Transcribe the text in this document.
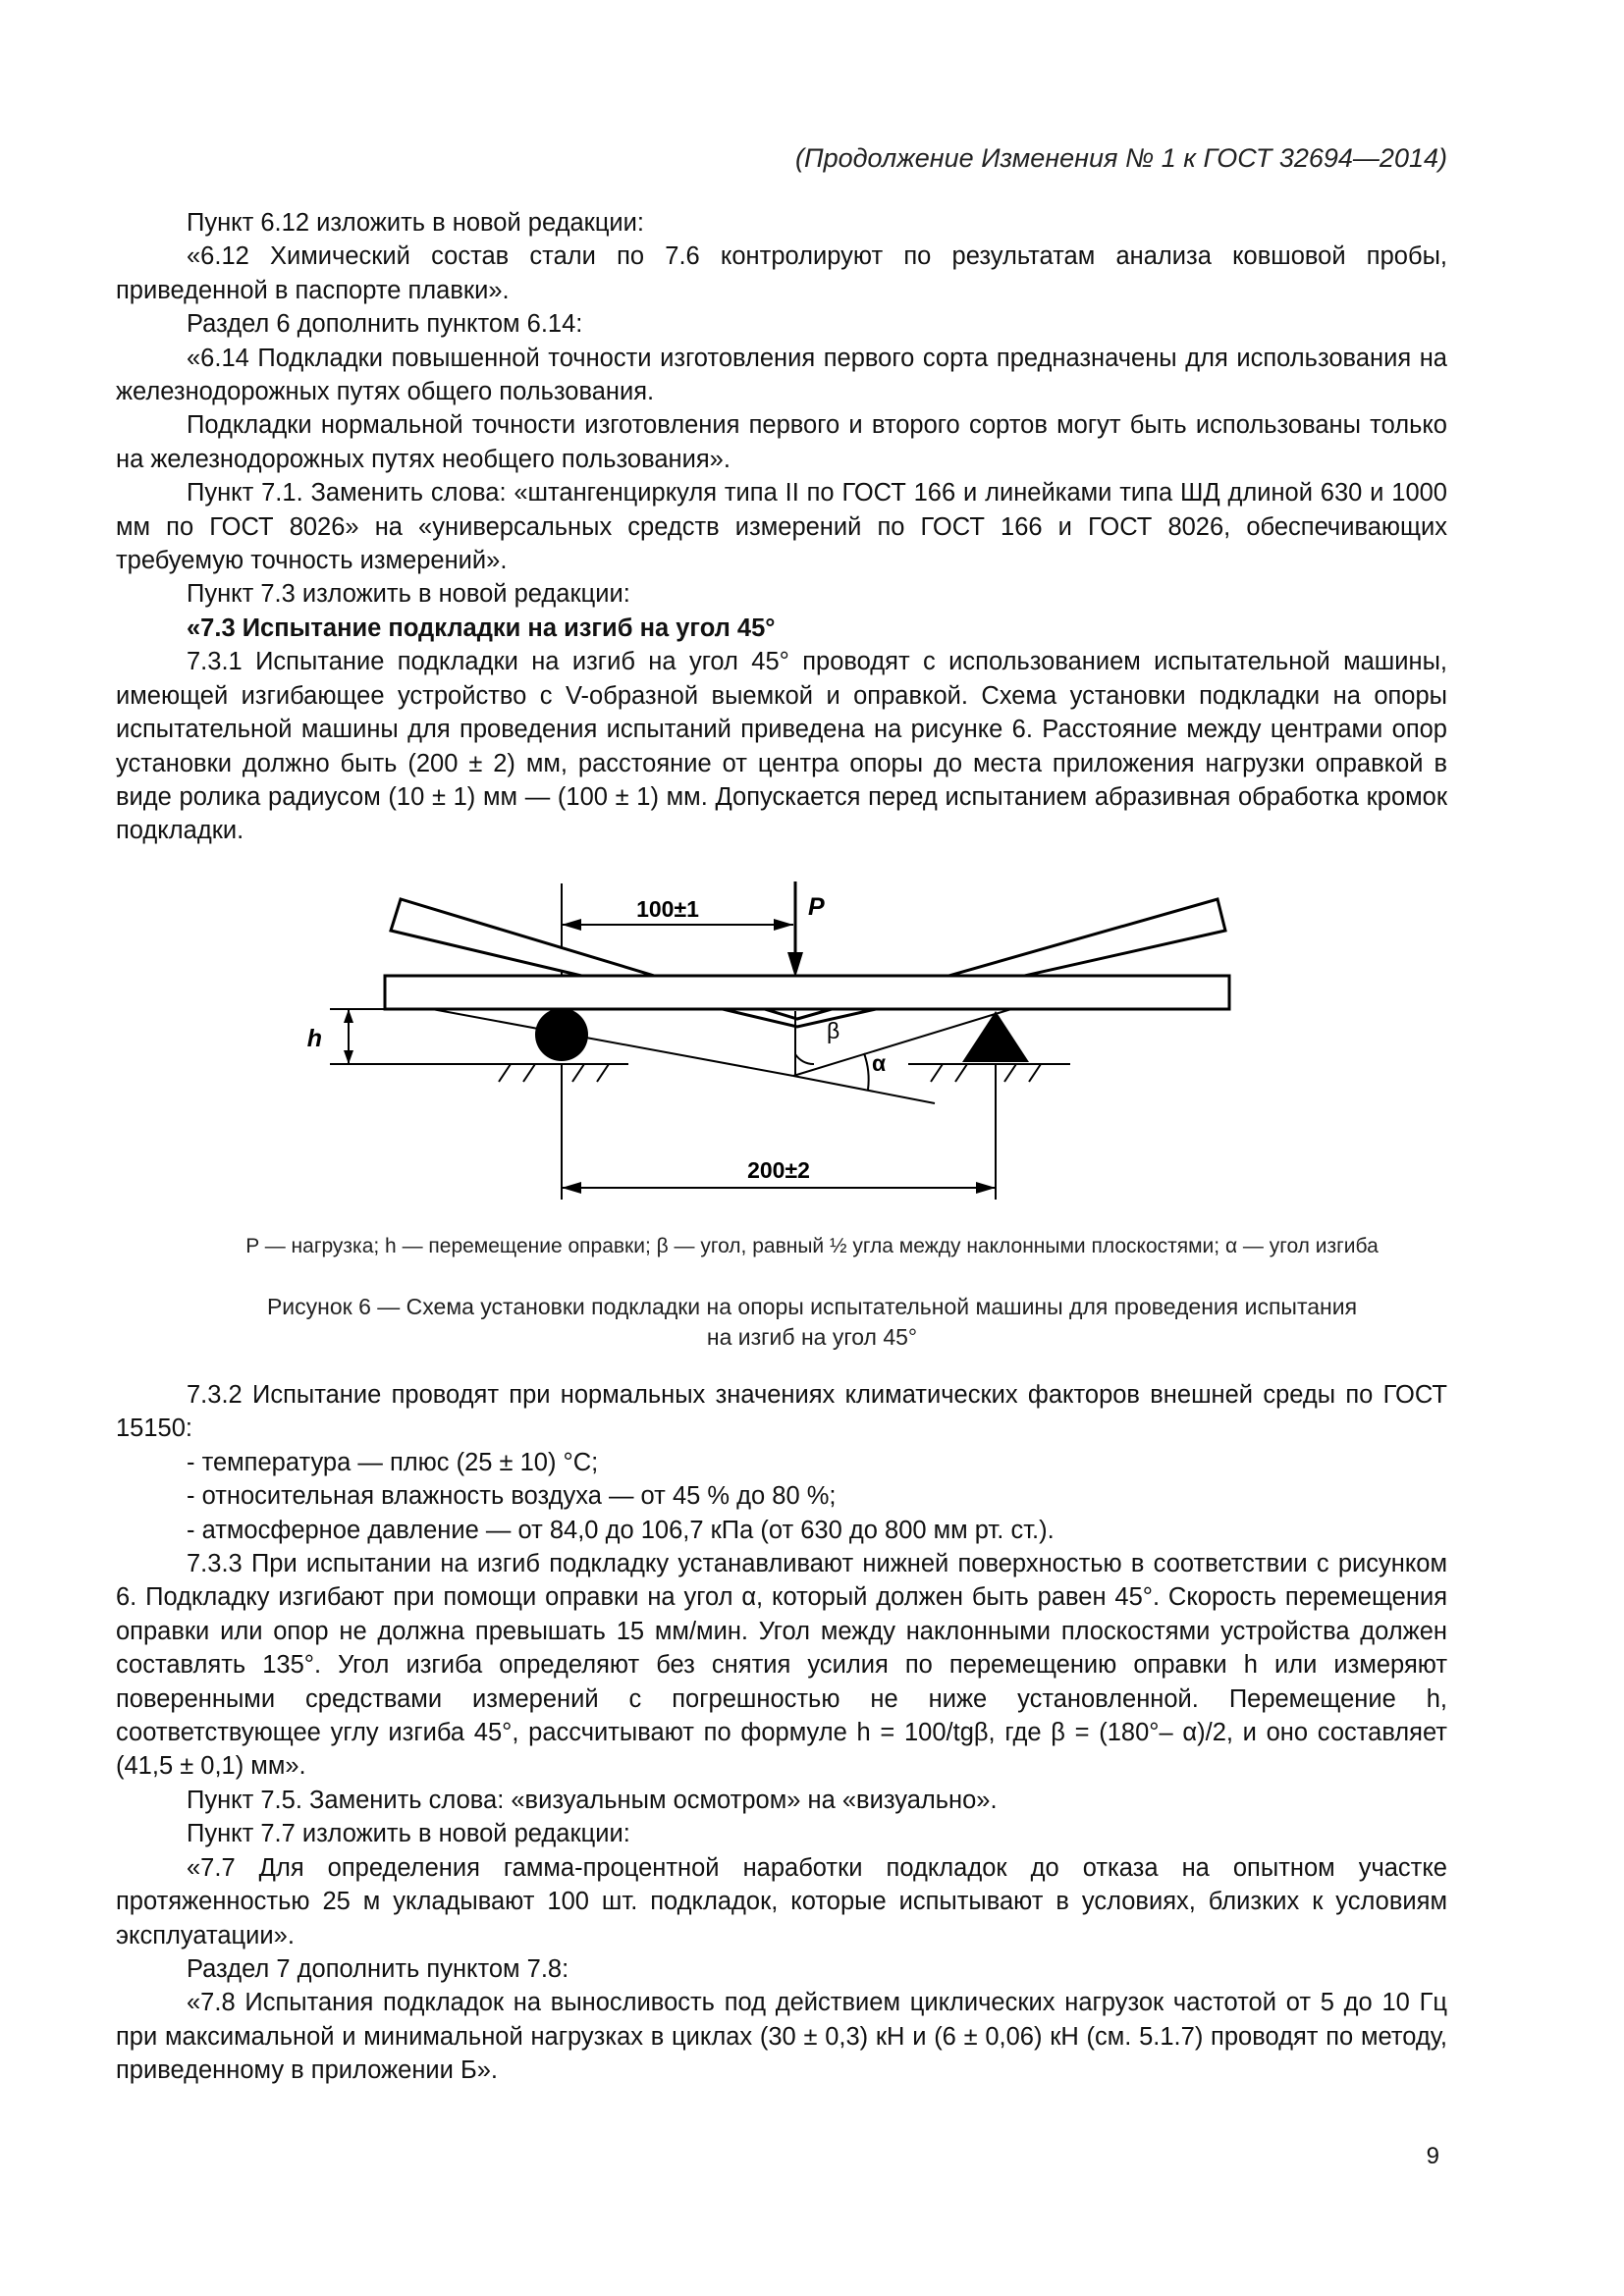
(Продолжение Изменения № 1 к ГОСТ 32694—2014)

Пункт 6.12 изложить в новой редакции:

«6.12 Химический состав стали по 7.6 контролируют по результатам анализа ковшовой пробы, приведенной в паспорте плавки».

Раздел 6 дополнить пунктом 6.14:

«6.14 Подкладки повышенной точности изготовления первого сорта предназначены для использования на железнодорожных путях общего пользования.

Подкладки нормальной точности изготовления первого и второго сортов могут быть использованы только на железнодорожных путях необщего пользования».

Пункт 7.1. Заменить слова: «штангенциркуля типа II по ГОСТ 166 и линейками типа ШД длиной 630 и 1000 мм по ГОСТ 8026» на «универсальных средств измерений по ГОСТ 166 и ГОСТ 8026, обеспечивающих требуемую точность измерений».

Пункт 7.3 изложить в новой редакции:

«7.3 Испытание подкладки на изгиб на угол 45°

7.3.1 Испытание подкладки на изгиб на угол 45° проводят с использованием испытательной машины, имеющей изгибающее устройство с V-образной выемкой и оправкой. Схема установки подкладки на опоры испытательной машины для проведения испытаний приведена на рисунке 6. Расстояние между центрами опор установки должно быть (200 ± 2) мм, расстояние от центра опоры до места приложения нагрузки оправкой в виде ролика радиусом (10 ± 1) мм — (100 ± 1) мм. Допускается перед испытанием абразивная обработка кромок подкладки.

100±1	P
h	β
α
200±2
P — нагрузка; h — перемещение оправки; β — угол, равный ½ угла между наклонными плоскостями; α — угол изгиба
Рисунок 6 — Схема установки подкладки на опоры испытательной машины для проведения испытания
на изгиб на угол 45°

7.3.2 Испытание проводят при нормальных значениях климатических факторов внешней среды по ГОСТ 15150:

- температура — плюс (25 ± 10) °С;

- относительная влажность воздуха — от 45 % до 80 %;

- атмосферное давление — от 84,0 до 106,7 кПа (от 630 до 800 мм рт. ст.).

7.3.3 При испытании на изгиб подкладку устанавливают нижней поверхностью в соответствии с рисунком 6. Подкладку изгибают при помощи оправки на угол α, который должен быть равен 45°. Скорость перемещения оправки или опор не должна превышать 15 мм/мин. Угол между наклонными плоскостями устройства должен составлять 135°. Угол изгиба определяют без снятия усилия по перемещению оправки h или измеряют поверенными средствами измерений с погрешностью не ниже установленной. Перемещение h, соответствующее углу изгиба 45°, рассчитывают по формуле h = 100/tgβ, где β = (180°– α)/2, и оно составляет (41,5 ± 0,1) мм».

Пункт 7.5. Заменить слова: «визуальным осмотром» на «визуально».

Пункт 7.7 изложить в новой редакции:

«7.7 Для определения гамма-процентной наработки подкладок до отказа на опытном участке протяженностью 25 м укладывают 100 шт. подкладок, которые испытывают в условиях, близких к условиям эксплуатации».

Раздел 7 дополнить пунктом 7.8:

«7.8 Испытания подкладок на выносливость под действием циклических нагрузок частотой от 5 до 10 Гц при максимальной и минимальной нагрузках в циклах (30 ± 0,3) кН и (6 ± 0,06) кН (см. 5.1.7) проводят по методу, приведенному в приложении Б».

9
